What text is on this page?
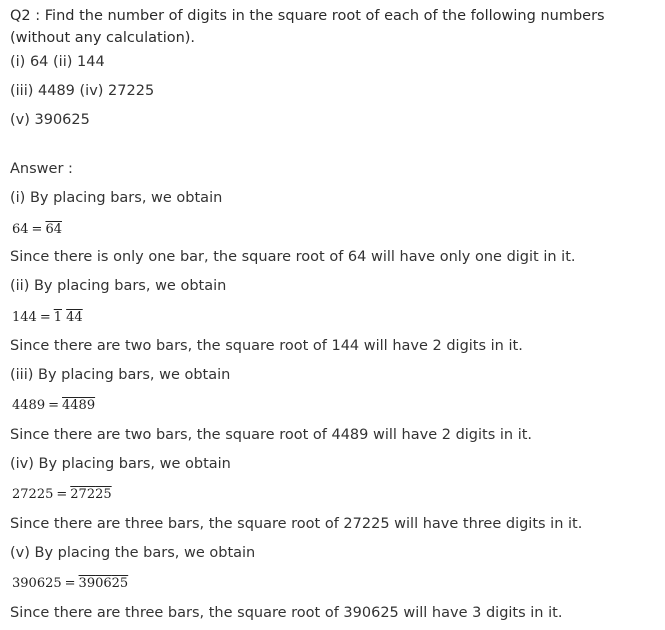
Q2 : Find the number of digits in the square root of each of the following numbers (without any calculation).
(i) 64 (ii) 144
(iii) 4489 (iv) 27225
(v) 390625
Answer :
(i) By placing bars, we obtain
64 = 64
Since there is only one bar, the square root of 64 will have only one digit in it.
(ii) By placing bars, we obtain
144 = 1 44
Since there are two bars, the square root of 144 will have 2 digits in it.
(iii) By placing bars, we obtain
4489 = 4489
Since there are two bars, the square root of 4489 will have 2 digits in it.
(iv) By placing bars, we obtain
27225 = 27225
Since there are three bars, the square root of 27225 will have three digits in it.
(v) By placing the bars, we obtain
390625 = 390625
Since there are three bars, the square root of 390625 will have 3 digits in it.
